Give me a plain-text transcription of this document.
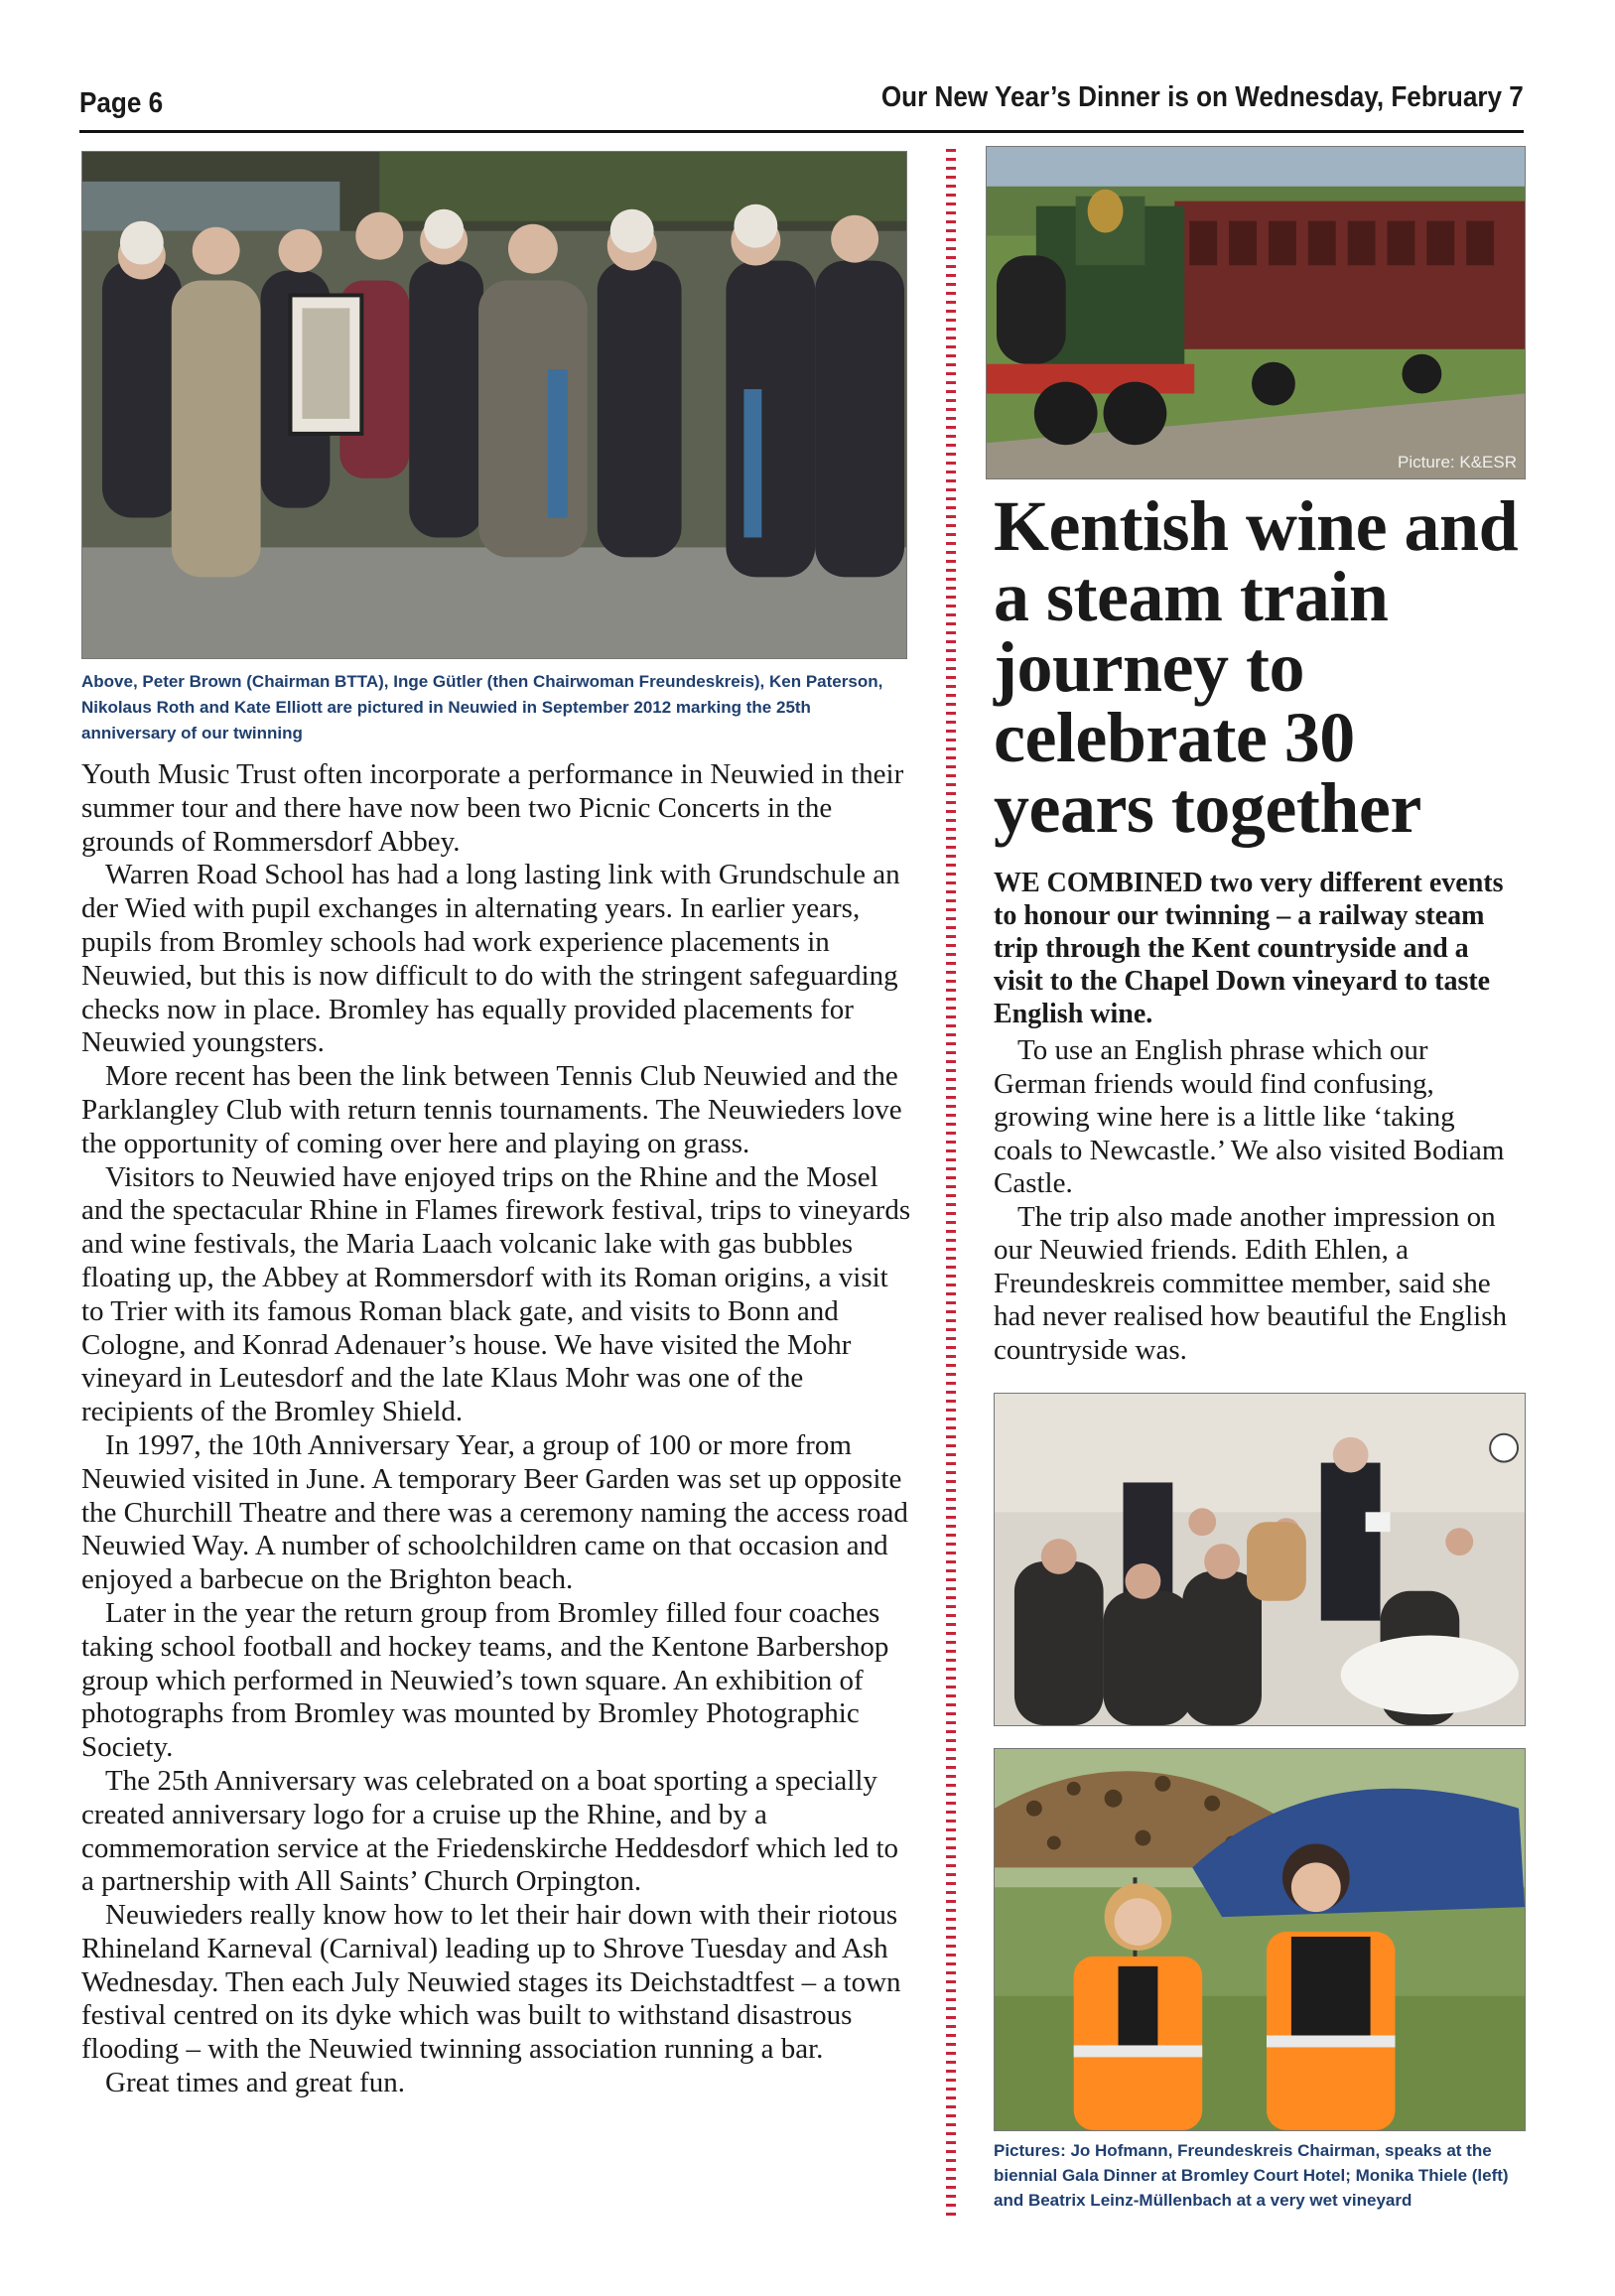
Page 6	Our New Year’s Dinner is on Wednesday, February 7
Above, Peter Brown (Chairman BTTA), Inge Gütler (then Chairwoman Freundeskreis), Ken Paterson, Nikolaus Roth and Kate Elliott are pictured in Neuwied in September 2012 marking the 25th anniversary of our twinning

Youth Music Trust often incorporate a performance in Neuwied in their summer tour and there have now been two Picnic Concerts in the grounds of Rommersdorf Abbey.

Warren Road School has had a long lasting link with Grundschule an der Wied with pupil exchanges in alternating years. In earlier years, pupils from Bromley schools had work experience placements in Neuwied, but this is now difficult to do with the stringent safeguarding checks now in place. Bromley has equally provided placements for Neuwied youngsters.

More recent has been the link between Tennis Club Neuwied and the Parklangley Club with return tennis tournaments. The Neuwieders love the opportunity of coming over here and playing on grass.

Visitors to Neuwied have enjoyed trips on the Rhine and the Mosel and the spectacular Rhine in Flames firework festival, trips to vineyards and wine festivals, the Maria Laach volcanic lake with gas bubbles floating up, the Abbey at Rommersdorf with its Roman origins, a visit to Trier with its famous Roman black gate, and visits to Bonn and Cologne, and Konrad Adenauer’s house. We have visited the Mohr vineyard in Leutesdorf and the late Klaus Mohr was one of the recipients of the Bromley Shield.

In 1997, the 10th Anniversary Year, a group of 100 or more from Neuwied visited in June. A temporary Beer Garden was set up opposite the Churchill Theatre and there was a ceremony naming the access road Neuwied Way. A number of schoolchildren came on that occasion and enjoyed a barbecue on the Brighton beach.

Later in the year the return group from Bromley filled four coaches taking school football and hockey teams, and the Kentone Barbershop group which performed in Neuwied’s town square. An exhibition of photographs from Bromley was mounted by Bromley Photographic Society.

The 25th Anniversary was celebrated on a boat sporting a specially created anniversary logo for a cruise up the Rhine, and by a commemoration service at the Friedenskirche Heddesdorf which led to a partnership with All Saints’ Church Orpington.

Neuwieders really know how to let their hair down with their riotous Rhineland Karneval (Carnival) leading up to Shrove Tuesday and Ash Wednesday. Then each July Neuwied stages its Deichstadtfest – a town festival centred on its dyke which was built to withstand disastrous flooding – with the Neuwied twinning association running a bar.

Great times and great fun.

Picture: K&ESR
Kentish wine and a steam train journey to celebrate 30 years together
WE COMBINED two very different events to honour our twinning – a railway steam trip through the Kent countryside and a visit to the Chapel Down vineyard to taste English wine.

To use an English phrase which our German friends would find confusing, growing wine here is a little like ‘taking coals to Newcastle.’ We also visited Bodiam Castle.

The trip also made another impression on our Neuwied friends. Edith Ehlen, a Freundeskreis committee member, said she had never realised how beautiful the English countryside was.

Pictures: Jo Hofmann, Freundeskreis Chairman, speaks at the biennial Gala Dinner at Bromley Court Hotel; Monika Thiele (left) and Beatrix Leinz-Müllenbach at a very wet vineyard
